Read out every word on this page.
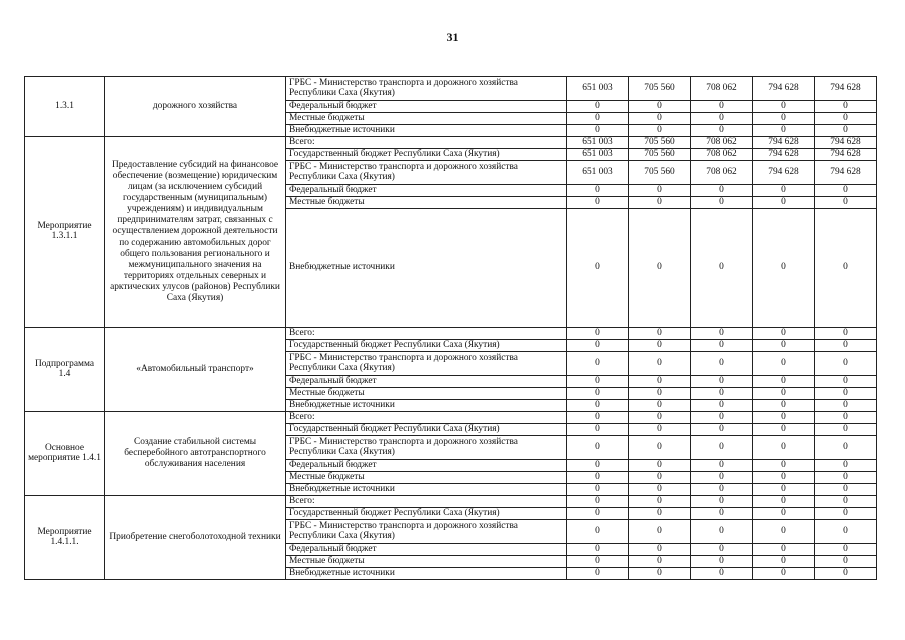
31
1.3.1	дорожного хозяйства	ГРБС - Министерство транспорта и дорожного хозяйства Республики Саха (Якутия)	651 003	705 560	708 062	794 628	794 628
		Федеральный бюджет	0	0	0	0	0
		Местные бюджеты	0	0	0	0	0
		Внебюджетные источники	0	0	0	0	0
Мероприятие 1.3.1.1	Предоставление субсидий на финансовое обеспечение (возмещение) юридическим лицам (за исключением субсидий государственным (муниципальным) учреждениям) и индивидуальным предпринимателям затрат, связанных с осуществлением дорожной деятельности по содержанию автомобильных дорог общего пользования регионального и межмуниципального значения на территориях отдельных северных и арктических улусов (районов) Республики Саха (Якутия)	Всего:	651 003	705 560	708 062	794 628	794 628
		Государственный бюджет Республики Саха (Якутия)	651 003	705 560	708 062	794 628	794 628
		ГРБС - Министерство транспорта и дорожного хозяйства Республики Саха (Якутия)	651 003	705 560	708 062	794 628	794 628
		Федеральный бюджет	0	0	0	0	0
		Местные бюджеты	0	0	0	0	0
		Внебюджетные источники	0	0	0	0	0
Подпрограмма 1.4	«Автомобильный транспорт»	Всего:	0	0	0	0	0
		Государственный бюджет Республики Саха (Якутия)	0	0	0	0	0
		ГРБС - Министерство транспорта и дорожного хозяйства Республики Саха (Якутия)	0	0	0	0	0
		Федеральный бюджет	0	0	0	0	0
		Местные бюджеты	0	0	0	0	0
		Внебюджетные источники	0	0	0	0	0
Основное мероприятие 1.4.1	Создание стабильной системы бесперебойного автотранспортного обслуживания населения	Всего:	0	0	0	0	0
		Государственный бюджет Республики Саха (Якутия)	0	0	0	0	0
		ГРБС - Министерство транспорта и дорожного хозяйства Республики Саха (Якутия)	0	0	0	0	0
		Федеральный бюджет	0	0	0	0	0
		Местные бюджеты	0	0	0	0	0
		Внебюджетные источники	0	0	0	0	0
Мероприятие 1.4.1.1.	Приобретение снегоболотоходной техники	Всего:	0	0	0	0	0
		Государственный бюджет Республики Саха (Якутия)	0	0	0	0	0
		ГРБС - Министерство транспорта и дорожного хозяйства Республики Саха (Якутия)	0	0	0	0	0
		Федеральный бюджет	0	0	0	0	0
		Местные бюджеты	0	0	0	0	0
		Внебюджетные источники	0	0	0	0	0
